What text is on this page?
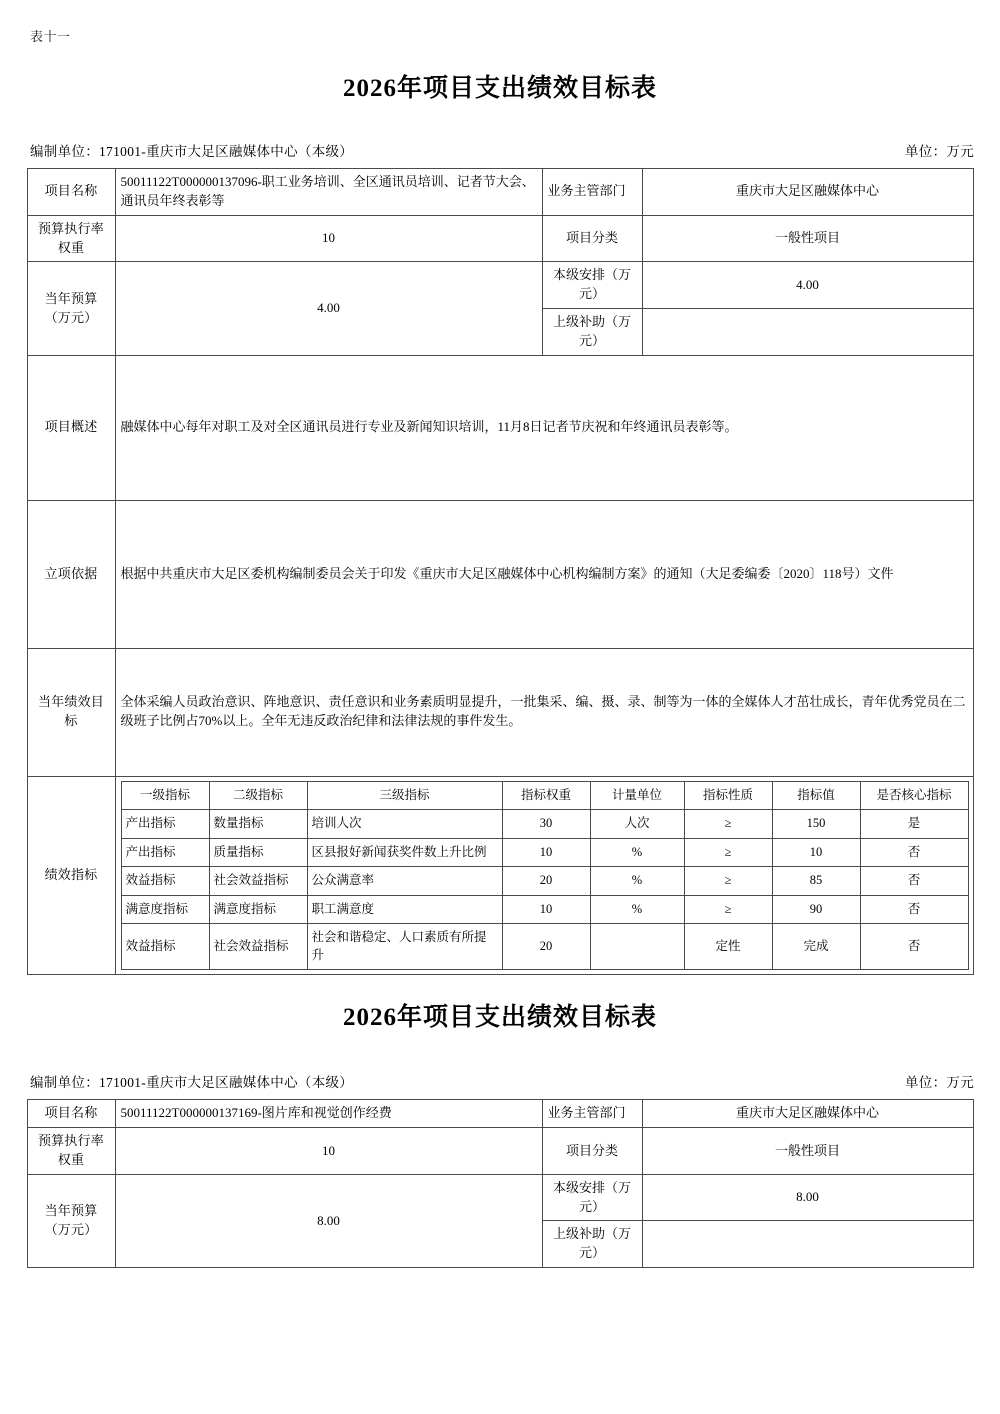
表十一
2026年项目支出绩效目标表
编制单位：171001-重庆市大足区融媒体中心（本级）	单位：万元
项目名称	50011122T000000137096-职工业务培训、全区通讯员培训、记者节大会、通讯员年终表彰等	业务主管部门	重庆市大足区融媒体中心
预算执行率权重	10	项目分类	一般性项目
当年预算（万元）	4.00	本级安排（万元）	4.00
上级补助（万元）	
项目概述	融媒体中心每年对职工及对全区通讯员进行专业及新闻知识培训，11月8日记者节庆祝和年终通讯员表彰等。
立项依据	根据中共重庆市大足区委机构编制委员会关于印发《重庆市大足区融媒体中心机构编制方案》的通知（大足委编委〔2020〕118号）文件
当年绩效目标	全体采编人员政治意识、阵地意识、责任意识和业务素质明显提升，一批集采、编、摄、录、制等为一体的全媒体人才茁壮成长，青年优秀党员在二级班子比例占70%以上。全年无违反政治纪律和法律法规的事件发生。
绩效指标	
一级指标	二级指标	三级指标	指标权重	计量单位	指标性质	指标值	是否核心指标
产出指标	数量指标	培训人次	30	人次	≥	150	是
产出指标	质量指标	区县报好新闻获奖件数上升比例	10	%	≥	10	否
效益指标	社会效益指标	公众满意率	20	%	≥	85	否
满意度指标	满意度指标	职工满意度	10	%	≥	90	否
效益指标	社会效益指标	社会和谐稳定、人口素质有所提升	20		定性	完成	否
2026年项目支出绩效目标表
编制单位：171001-重庆市大足区融媒体中心（本级）	单位：万元
项目名称	50011122T000000137169-图片库和视觉创作经费	业务主管部门	重庆市大足区融媒体中心
预算执行率权重	10	项目分类	一般性项目
当年预算（万元）	8.00	本级安排（万元）	8.00
		上级补助（万元）	
